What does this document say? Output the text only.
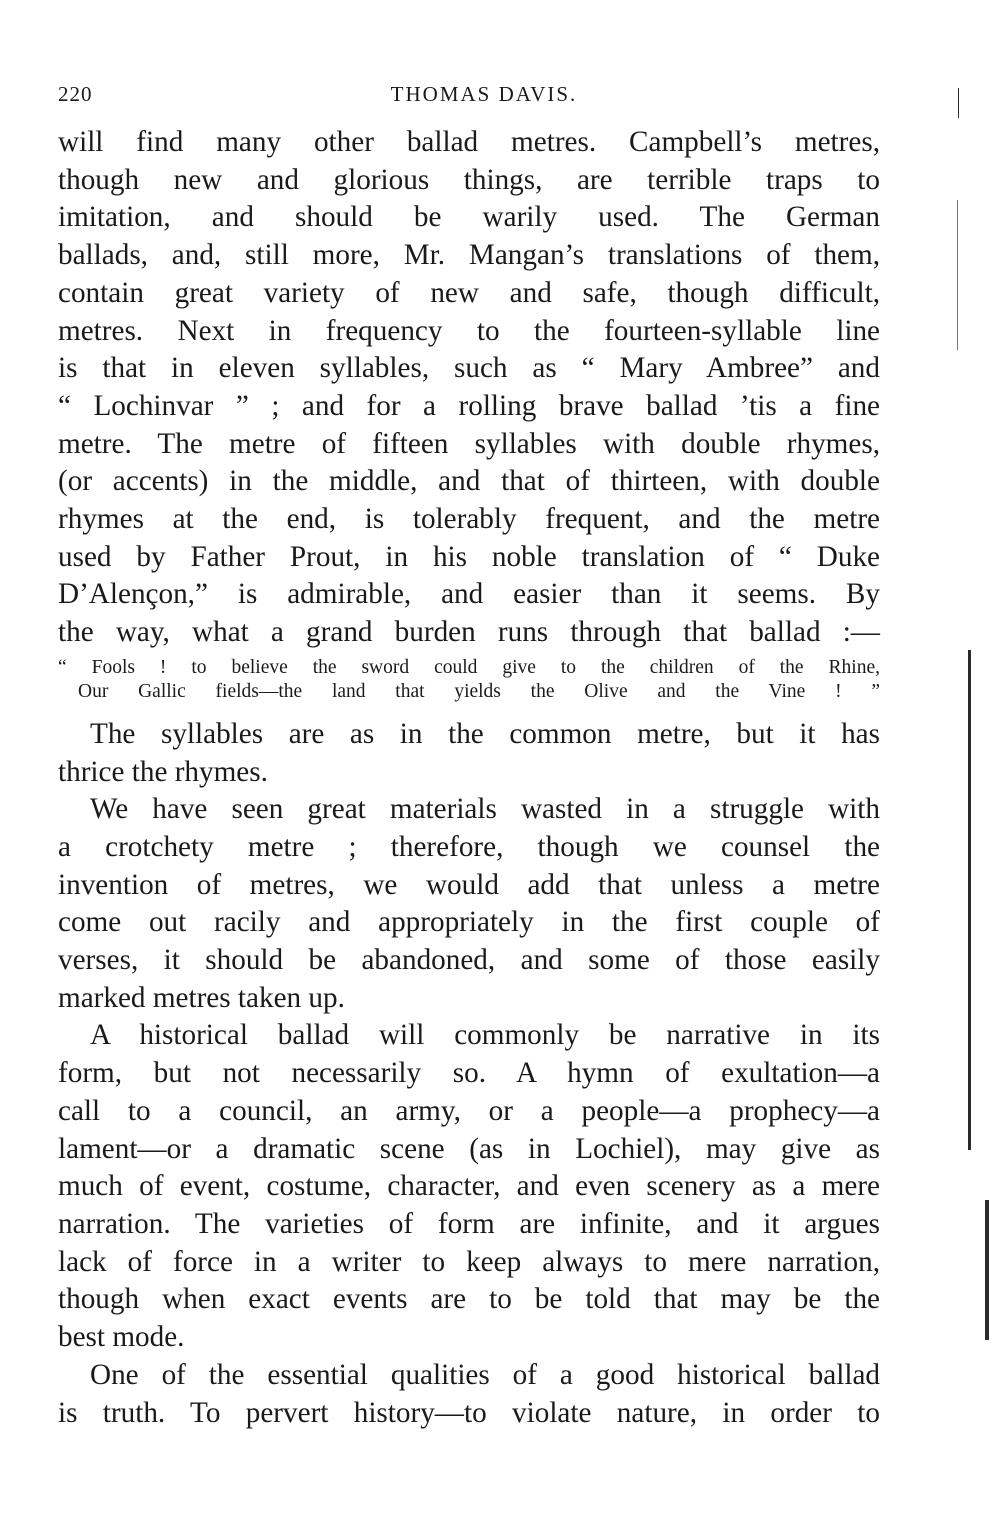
220	THOMAS DAVIS.
will find many other ballad metres. Campbell’s metres,
though new and glorious things, are terrible traps to
imitation, and should be warily used. The German
ballads, and, still more, Mr. Mangan’s translations of them,
contain great variety of new and safe, though difficult,
metres. Next in frequency to the fourteen-syllable line
is that in eleven syllables, such as “ Mary Ambree” and
“ Lochinvar ” ; and for a rolling brave ballad ’tis a fine
metre. The metre of fifteen syllables with double rhymes,
(or accents) in the middle, and that of thirteen, with double
rhymes at the end, is tolerably frequent, and the metre
used by Father Prout, in his noble translation of “ Duke
D’Alençon,” is admirable, and easier than it seems. By
the way, what a grand burden runs through that ballad :—
“ Fools ! to believe the sword could give to the children of the Rhine,
Our Gallic fields—the land that yields the Olive and the Vine ! ”
The syllables are as in the common metre, but it has
thrice the rhymes.
We have seen great materials wasted in a struggle with
a crotchety metre ; therefore, though we counsel the
invention of metres, we would add that unless a metre
come out racily and appropriately in the first couple of
verses, it should be abandoned, and some of those easily
marked metres taken up.
A historical ballad will commonly be narrative in its
form, but not necessarily so. A hymn of exultation—a
call to a council, an army, or a people—a prophecy—a
lament—or a dramatic scene (as in Lochiel), may give as
much of event, costume, character, and even scenery as a mere
narration. The varieties of form are infinite, and it argues
lack of force in a writer to keep always to mere narration,
though when exact events are to be told that may be the
best mode.
One of the essential qualities of a good historical ballad
is truth. To pervert history—to violate nature, in order to
